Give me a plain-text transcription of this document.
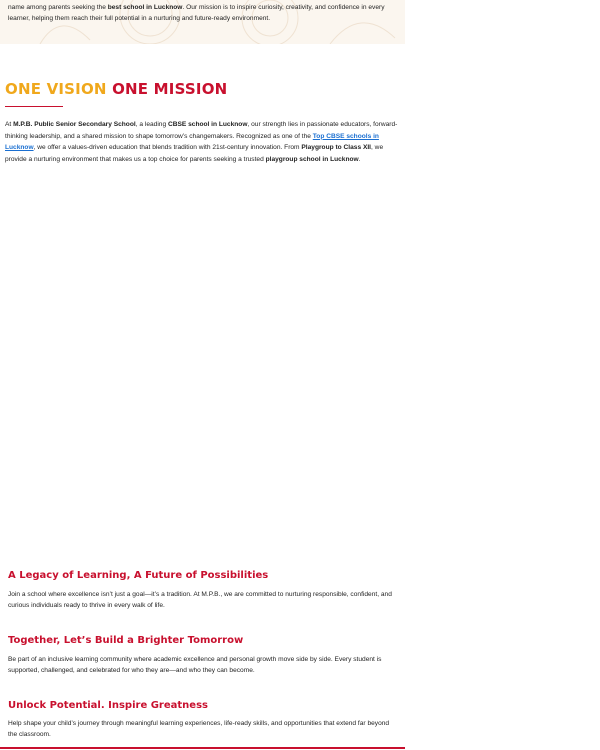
name among parents seeking the best school in Lucknow. Our mission is to inspire curiosity, creativity, and confidence in every learner, helping them reach their full potential in a nurturing and future-ready environment.

ONE VISION ONE MISSION

At M.P.B. Public Senior Secondary School, a leading CBSE school in Lucknow, our strength lies in passionate educators, forward-thinking leadership, and a shared mission to shape tomorrow’s changemakers. Recognized as one of the Top CBSE schools in Lucknow, we offer a values-driven education that blends tradition with 21st-century innovation. From Playgroup to Class XII, we provide a nurturing environment that makes us a top choice for parents seeking a trusted playgroup school in Lucknow.

A Legacy of Learning, A Future of Possibilities

Join a school where excellence isn’t just a goal—it’s a tradition. At M.P.B., we are committed to nurturing responsible, confident, and curious individuals ready to thrive in every walk of life.

Together, Let’s Build a Brighter Tomorrow

Be part of an inclusive learning community where academic excellence and personal growth move side by side. Every student is supported, challenged, and celebrated for who they are—and who they can become.

Unlock Potential. Inspire Greatness

Help shape your child’s journey through meaningful learning experiences, life-ready skills, and opportunities that extend far beyond the classroom.
